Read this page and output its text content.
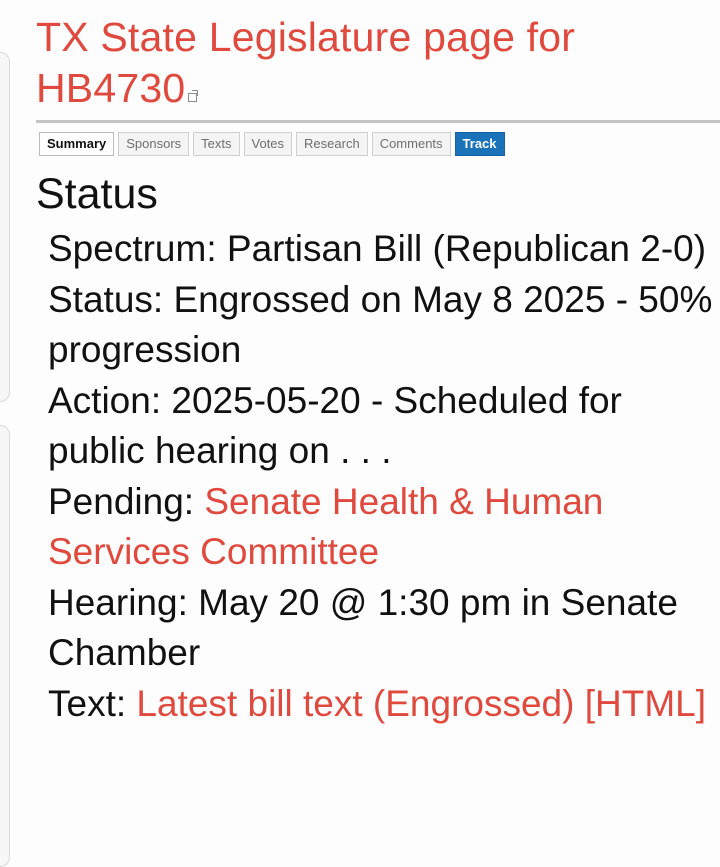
TX State Legislature page for HB4730
Summary	Sponsors	Texts	Votes	Research	Comments	Track
Status
Spectrum: Partisan Bill (Republican 2-0)
Status: Engrossed on May 8 2025 - 50% progression
Action: 2025-05-20 - Scheduled for public hearing on . . .
Pending: Senate Health & Human Services Committee
Hearing: May 20 @ 1:30 pm in Senate Chamber
Text: Latest bill text (Engrossed) [HTML]
